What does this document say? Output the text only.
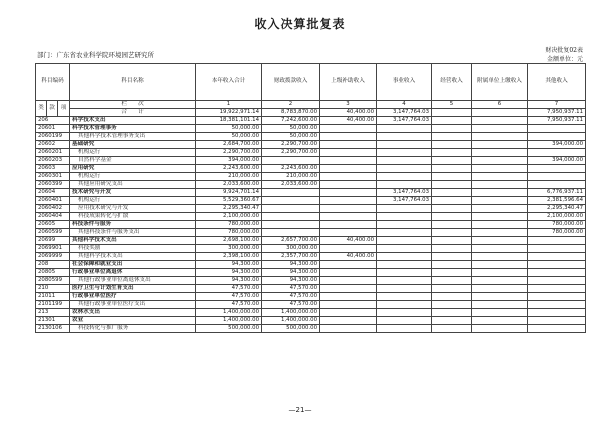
收入决算批复表
部门：广东省农业科学院环境园艺研究所
财决批复02表
金额单位：元
科目编码			科目名称	本年收入合计	财政拨款收入	上级补助收入	事业收入	经营收入	附属单位上缴收入	其他收入
类	款	项								
			栏　　次	1	2	3	4	5	6	7
			合　　计	19,922,971.14	8,783,870.00	40,400.00	3,147,764.03			7,950,937.11
206			科学技术支出	18,381,101.14	7,242,600.00	40,400.00	3,147,764.03			7,950,937.11
20601			科学技术管理事务	50,000.00	50,000.00					
2060199			其他科学技术管理事务支出	50,000.00	50,000.00					
20602			基础研究	2,684,700.00	2,290,700.00					394,000.00
2060201			机构运行	2,290,700.00	2,290,700.00					
2060203			自然科学基金	394,000.00						394,000.00
20603			应用研究	2,243,600.00	2,243,600.00					
2060301			机构运行	210,000.00	210,000.00					
2060399			其他应用研究支出	2,033,600.00	2,033,600.00					
20604			技术研究与开发	9,924,701.14			3,147,764.03			6,776,937.11
2060401			机构运行	5,529,360.67			3,147,764.03			2,381,596.64
2060402			应用技术研究与开发	2,295,340.47						2,295,340.47
2060404			科技成果转化与扩散	2,100,000.00						2,100,000.00
20605			科技条件与服务	780,000.00						780,000.00
2060599			其他科技条件与服务支出	780,000.00						780,000.00
20699			其他科学技术支出	2,698,100.00	2,657,700.00	40,400.00				
2069901			科技奖励	300,000.00	300,000.00					
2069999			其他科学技术支出	2,398,100.00	2,357,700.00	40,400.00				
208			社会保障和就业支出	94,300.00	94,300.00					
20805			行政事业单位离退休	94,300.00	94,300.00					
2080599			其他行政事业单位离退休支出	94,300.00	94,300.00					
210			医疗卫生与计划生育支出	47,570.00	47,570.00					
21011			行政事业单位医疗	47,570.00	47,570.00					
2101199			其他行政事业单位医疗支出	47,570.00	47,570.00					
213			农林水支出	1,400,000.00	1,400,000.00					
21301			农业	1,400,000.00	1,400,000.00					
2130106			科技转化与推广服务	500,000.00	500,000.00					
—21—
